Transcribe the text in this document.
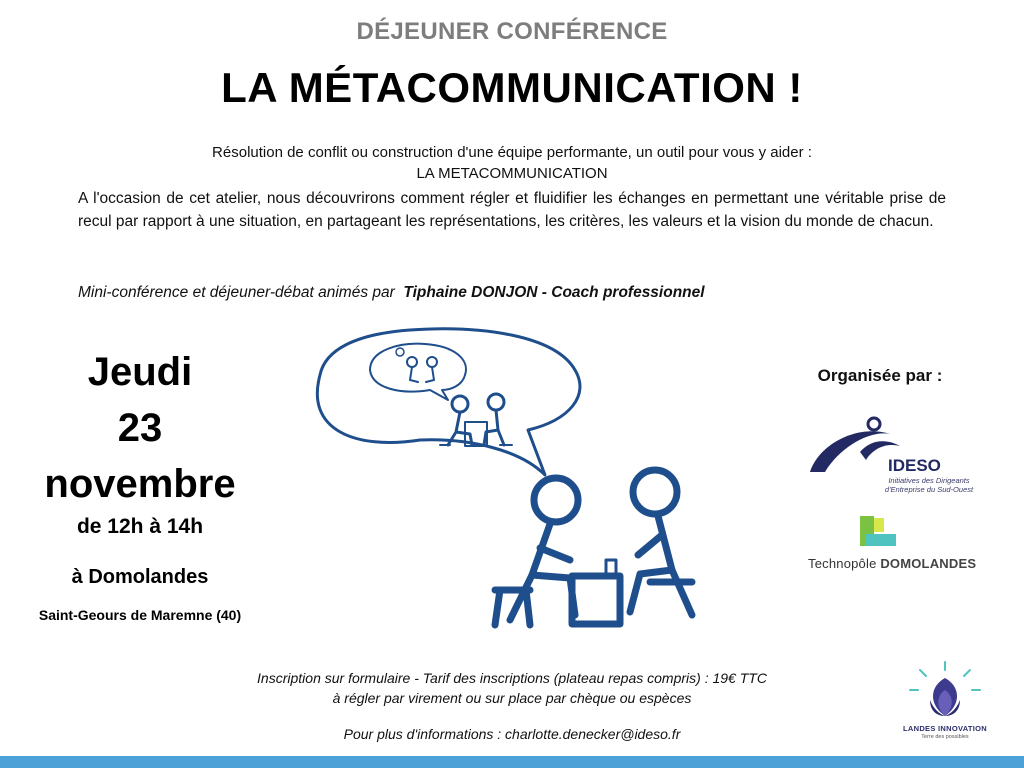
DÉJEUNER CONFÉRENCE
LA MÉTACOMMUNICATION !
Résolution de conflit ou construction d'une équipe performante, un outil pour vous y aider :
LA METACOMMUNICATION
A l'occasion de cet atelier, nous découvrirons comment régler et fluidifier les échanges en permettant une véritable prise de recul par rapport à une situation, en partageant les représentations, les critères, les valeurs et la vision du monde de chacun.
Mini-conférence et déjeuner-débat animés par Tiphaine DONJON - Coach professionnel
Jeudi
23
novembre
de 12h à 14h
à Domolandes
Saint-Geours de Maremne (40)
Organisée par :
IDESO
Initiatives des Dirigeants d'Entreprise du Sud-Ouest
Technopôle DOMOLANDES
Inscription sur formulaire - Tarif des inscriptions (plateau repas compris) : 19€ TTC
à régler par virement ou sur place par chèque ou espèces
Pour plus d'informations : charlotte.denecker@ideso.fr	LANDES INNOVATION
Terre des possibles
